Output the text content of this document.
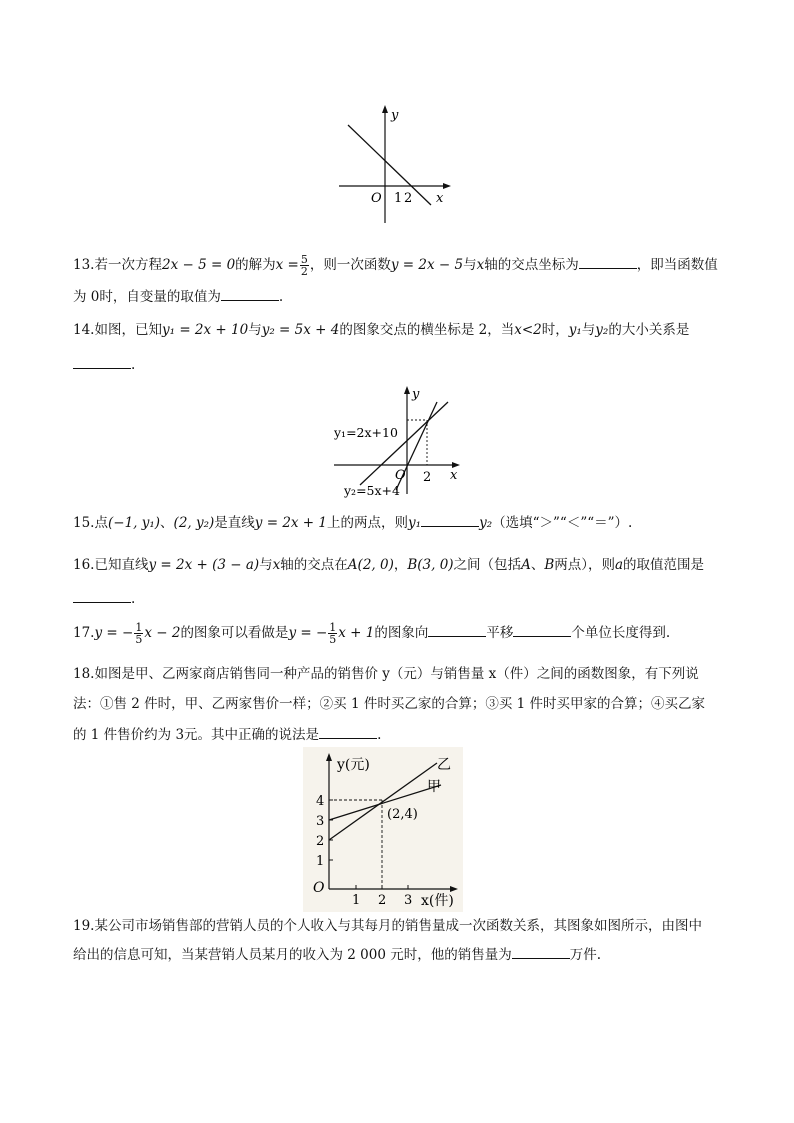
y
x
O 1 2
13.若一次方程2x − 5 = 0的解为$x = \frac{5}{2}$ ，则一次函数y = 2x − 5与x轴的交点坐标为	，即当函数值
为 0时，自变量的取值为	.
14.如图，已知y₁ = 2x + 10与y₂ = 5x + 4的图象交点的横坐标是 2，当x<2时，y₁与y₂的大小关系是
.
y
x
O 2
y₁=2x+10
y₂=5x+4
15.点(−1, y₁)、(2, y₂)是直线y = 2x + 1上的两点，则y₁	y₂（选填“＞”“＜”“＝”）.
16.已知直线y = 2x + (3 − a)与x轴的交点在A(2, 0)，B(3, 0)之间（包括A、B两点），则a的取值范围是
.
17.y = − $\frac{1}{5}$ x − 2的图象可以看做是y = − $\frac{1}{5}$ x + 1的图象向	平移	个单位长度得到.
18.如图是甲、乙两家商店销售同一种产品的销售价 y（元）与销售量 x（件）之间的函数图象，有下列说
法：①售 2 件时，甲、乙两家售价一样；②买 1 件时买乙家的合算；③买 1 件时买甲家的合算；④买乙家
的 1 件售价约为 3元。其中正确的说法是	.
y(元)
x(件)
O
(2,4)
乙
甲
1
2
3
4
1 2 3
19.某公司市场销售部的营销人员的个人收入与其每月的销售量成一次函数关系，其图象如图所示，由图中
给出的信息可知，当某营销人员某月的收入为 2 000 元时，他的销售量为	万件.
